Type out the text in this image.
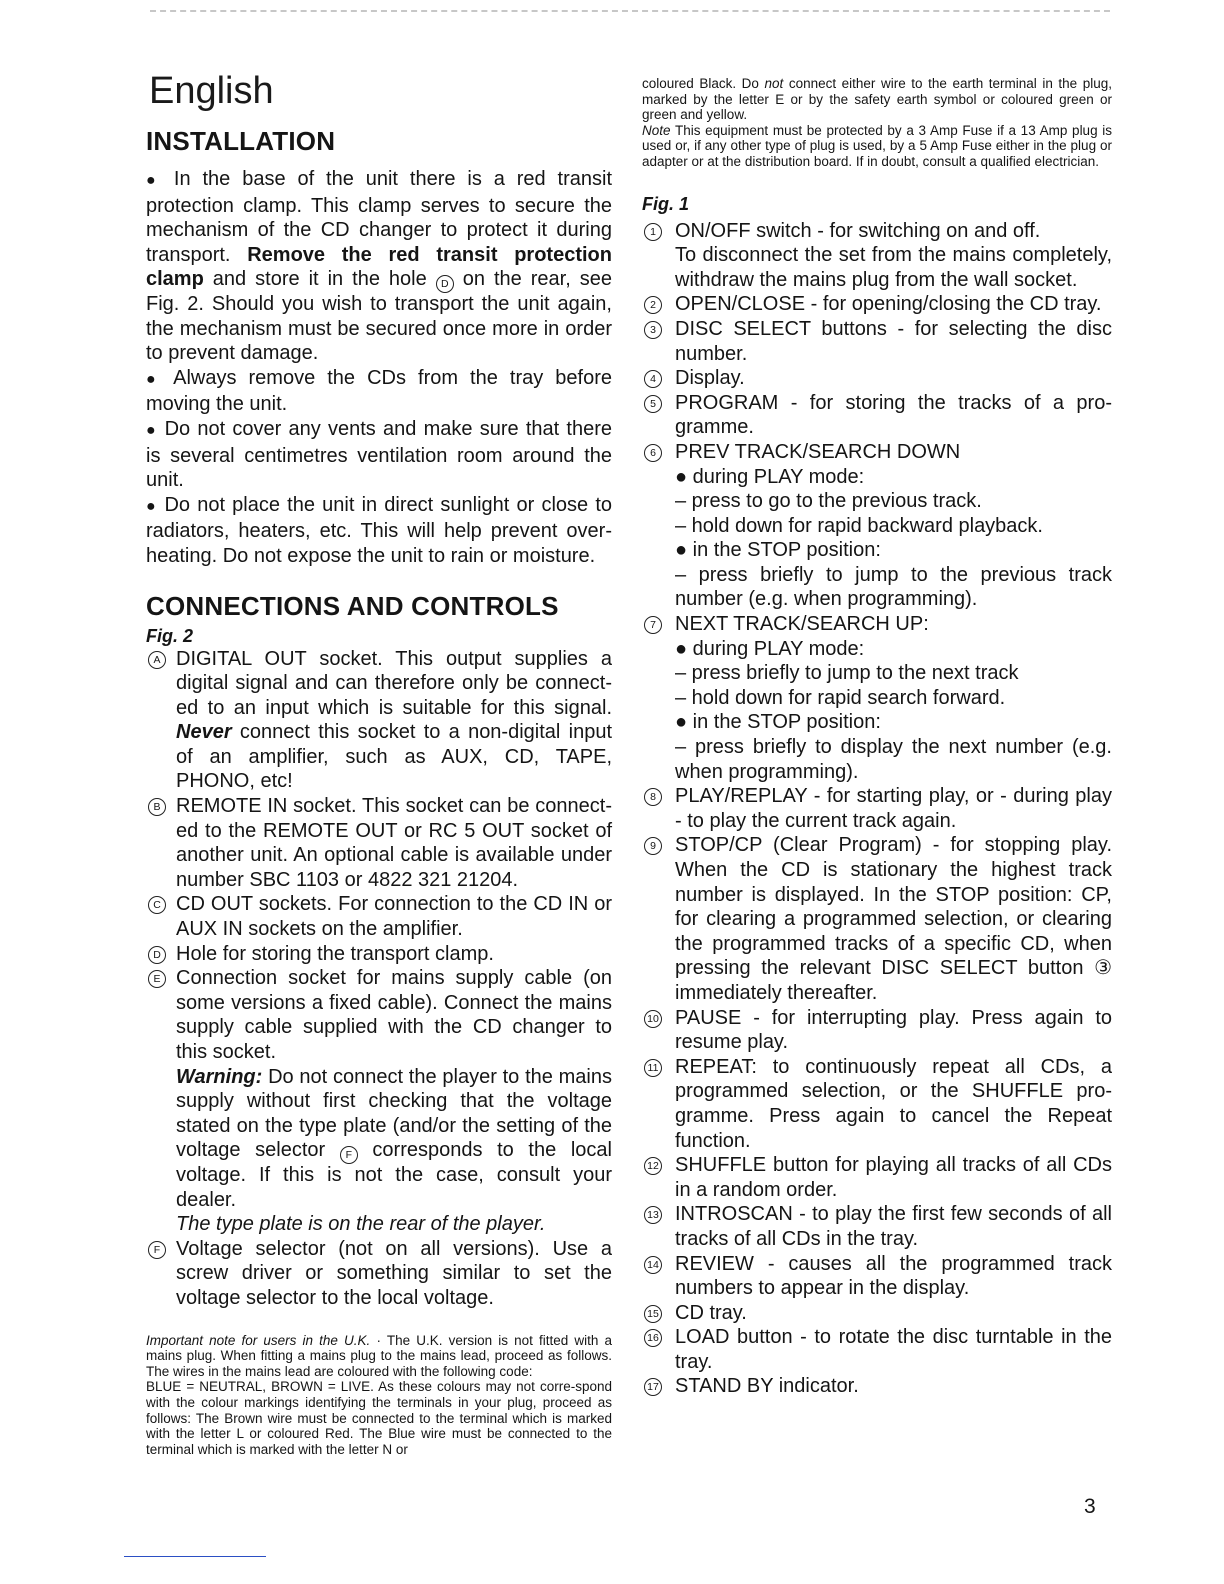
English
INSTALLATION
● In the base of the unit there is a red transit protection clamp. This clamp serves to secure the mechanism of the CD changer to protect it during transport. Remove the red transit protection clamp and store it in the hole D on the rear, see Fig. 2. Should you wish to transport the unit again, the mechanism must be secured once more in order to prevent damage.
● Always remove the CDs from the tray before moving the unit.
● Do not cover any vents and make sure that there is several centimetres ventilation room around the unit.
● Do not place the unit in direct sunlight or close to radiators, heaters, etc. This will help prevent over-heating. Do not expose the unit to rain or moisture.
CONNECTIONS AND CONTROLS
Fig. 2
A DIGITAL OUT socket. This output supplies a digital signal and can therefore only be connect-ed to an input which is suitable for this signal. Never connect this socket to a non-digital input of an amplifier, such as AUX, CD, TAPE, PHONO, etc!
B REMOTE IN socket. This socket can be connect-ed to the REMOTE OUT or RC 5 OUT socket of another unit. An optional cable is available under number SBC 1103 or 4822 321 21204.
C CD OUT sockets. For connection to the CD IN or AUX IN sockets on the amplifier.
D Hole for storing the transport clamp.
E Connection socket for mains supply cable (on some versions a fixed cable). Connect the mains supply cable supplied with the CD changer to this socket.
Warning: Do not connect the player to the mains supply without first checking that the voltage stated on the type plate (and/or the setting of the voltage selector F corresponds to the local voltage. If this is not the case, consult your dealer.
The type plate is on the rear of the player.
F Voltage selector (not on all versions). Use a screw driver or something similar to set the voltage selector to the local voltage.
Important note for users in the U.K. · The U.K. version is not fitted with a mains plug. When fitting a mains plug to the mains lead, proceed as follows. The wires in the mains lead are coloured with the following code:
BLUE = NEUTRAL, BROWN = LIVE. As these colours may not corre-spond with the colour markings identifying the terminals in your plug, proceed as follows: The Brown wire must be connected to the terminal which is marked with the letter L or coloured Red. The Blue wire must be connected to the terminal which is marked with the letter N or
coloured Black. Do not connect either wire to the earth terminal in the plug, marked by the letter E or by the safety earth symbol or coloured green or green and yellow.
Note This equipment must be protected by a 3 Amp Fuse if a 13 Amp plug is used or, if any other type of plug is used, by a 5 Amp Fuse either in the plug or adapter or at the distribution board. If in doubt, consult a qualified electrician.
Fig. 1
1 ON/OFF switch - for switching on and off.
To disconnect the set from the mains completely, withdraw the mains plug from the wall socket.
2 OPEN/CLOSE - for opening/closing the CD tray.
3 DISC SELECT buttons - for selecting the disc number.
4 Display.
5 PROGRAM - for storing the tracks of a pro-gramme.
6 PREV TRACK/SEARCH DOWN
● during PLAY mode:
– press to go to the previous track.
– hold down for rapid backward playback.
● in the STOP position:
– press briefly to jump to the previous track number (e.g. when programming).
7 NEXT TRACK/SEARCH UP:
● during PLAY mode:
– press briefly to jump to the next track
– hold down for rapid search forward.
● in the STOP position:
– press briefly to display the next number (e.g. when programming).
8 PLAY/REPLAY - for starting play, or - during play - to play the current track again.
9 STOP/CP (Clear Program) - for stopping play. When the CD is stationary the highest track number is displayed. In the STOP position: CP, for clearing a programmed selection, or clearing the programmed tracks of a specific CD, when pressing the relevant DISC SELECT button ③ immediately thereafter.
10 PAUSE - for interrupting play. Press again to resume play.
11 REPEAT: to continuously repeat all CDs, a programmed selection, or the SHUFFLE pro-gramme. Press again to cancel the Repeat function.
12 SHUFFLE button for playing all tracks of all CDs in a random order.
13 INTROSCAN - to play the first few seconds of all tracks of all CDs in the tray.
14 REVIEW - causes all the programmed track numbers to appear in the display.
15 CD tray.
16 LOAD button - to rotate the disc turntable in the tray.
17 STAND BY indicator.
3
